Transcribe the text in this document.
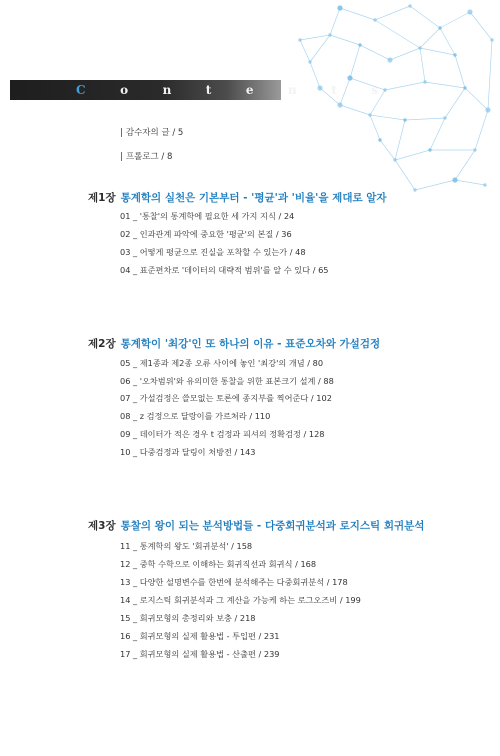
Contents
| 감수자의 글 / 5
| 프롤로그 / 8
제1장 통계학의 실천은 기본부터 - '평균'과 '비율'을 제대로 알자
01 _ '통찰'의 통계학에 필요한 세 가지 지식 / 24
02 _ 인과관계 파악에 중요한 '평균'의 본질 / 36
03 _ 어떻게 평균으로 진실을 포착할 수 있는가 / 48
04 _ 표준편차로 '데이터의 대략적 범위'를 알 수 있다 / 65
제2장 통계학이 '최강'인 또 하나의 이유 - 표준오차와 가설검정
05 _ 제1종과 제2종 오류 사이에 놓인 '최강'의 개념 / 80
06 _ '오차범위'와 유의미한 통찰을 위한 표본크기 설계 / 88
07 _ 가설검정은 쓸모없는 토론에 종지부를 찍어준다 / 102
08 _ z 검정으로 달랑이를 가르쳐라 / 110
09 _ 데이터가 적은 경우 t 검정과 피셔의 정확검정 / 128
10 _ 다중검정과 달링이 처방전 / 143
제3장 통찰의 왕이 되는 분석방법들 - 다중회귀분석과 로지스틱 회귀분석
11 _ 통계학의 왕도 '회귀분석' / 158
12 _ 중학 수학으로 이해하는 회귀직선과 회귀식 / 168
13 _ 다양한 설명변수를 한번에 분석해주는 다중회귀분석 / 178
14 _ 로지스틱 회귀분석과 그 계산을 가능케 하는 로그오즈비 / 199
15 _ 회귀모형의 총정리와 보충 / 218
16 _ 회귀모형의 실제 활용법 - 투입편 / 231
17 _ 회귀모형의 실제 활용법 - 산출편 / 239
